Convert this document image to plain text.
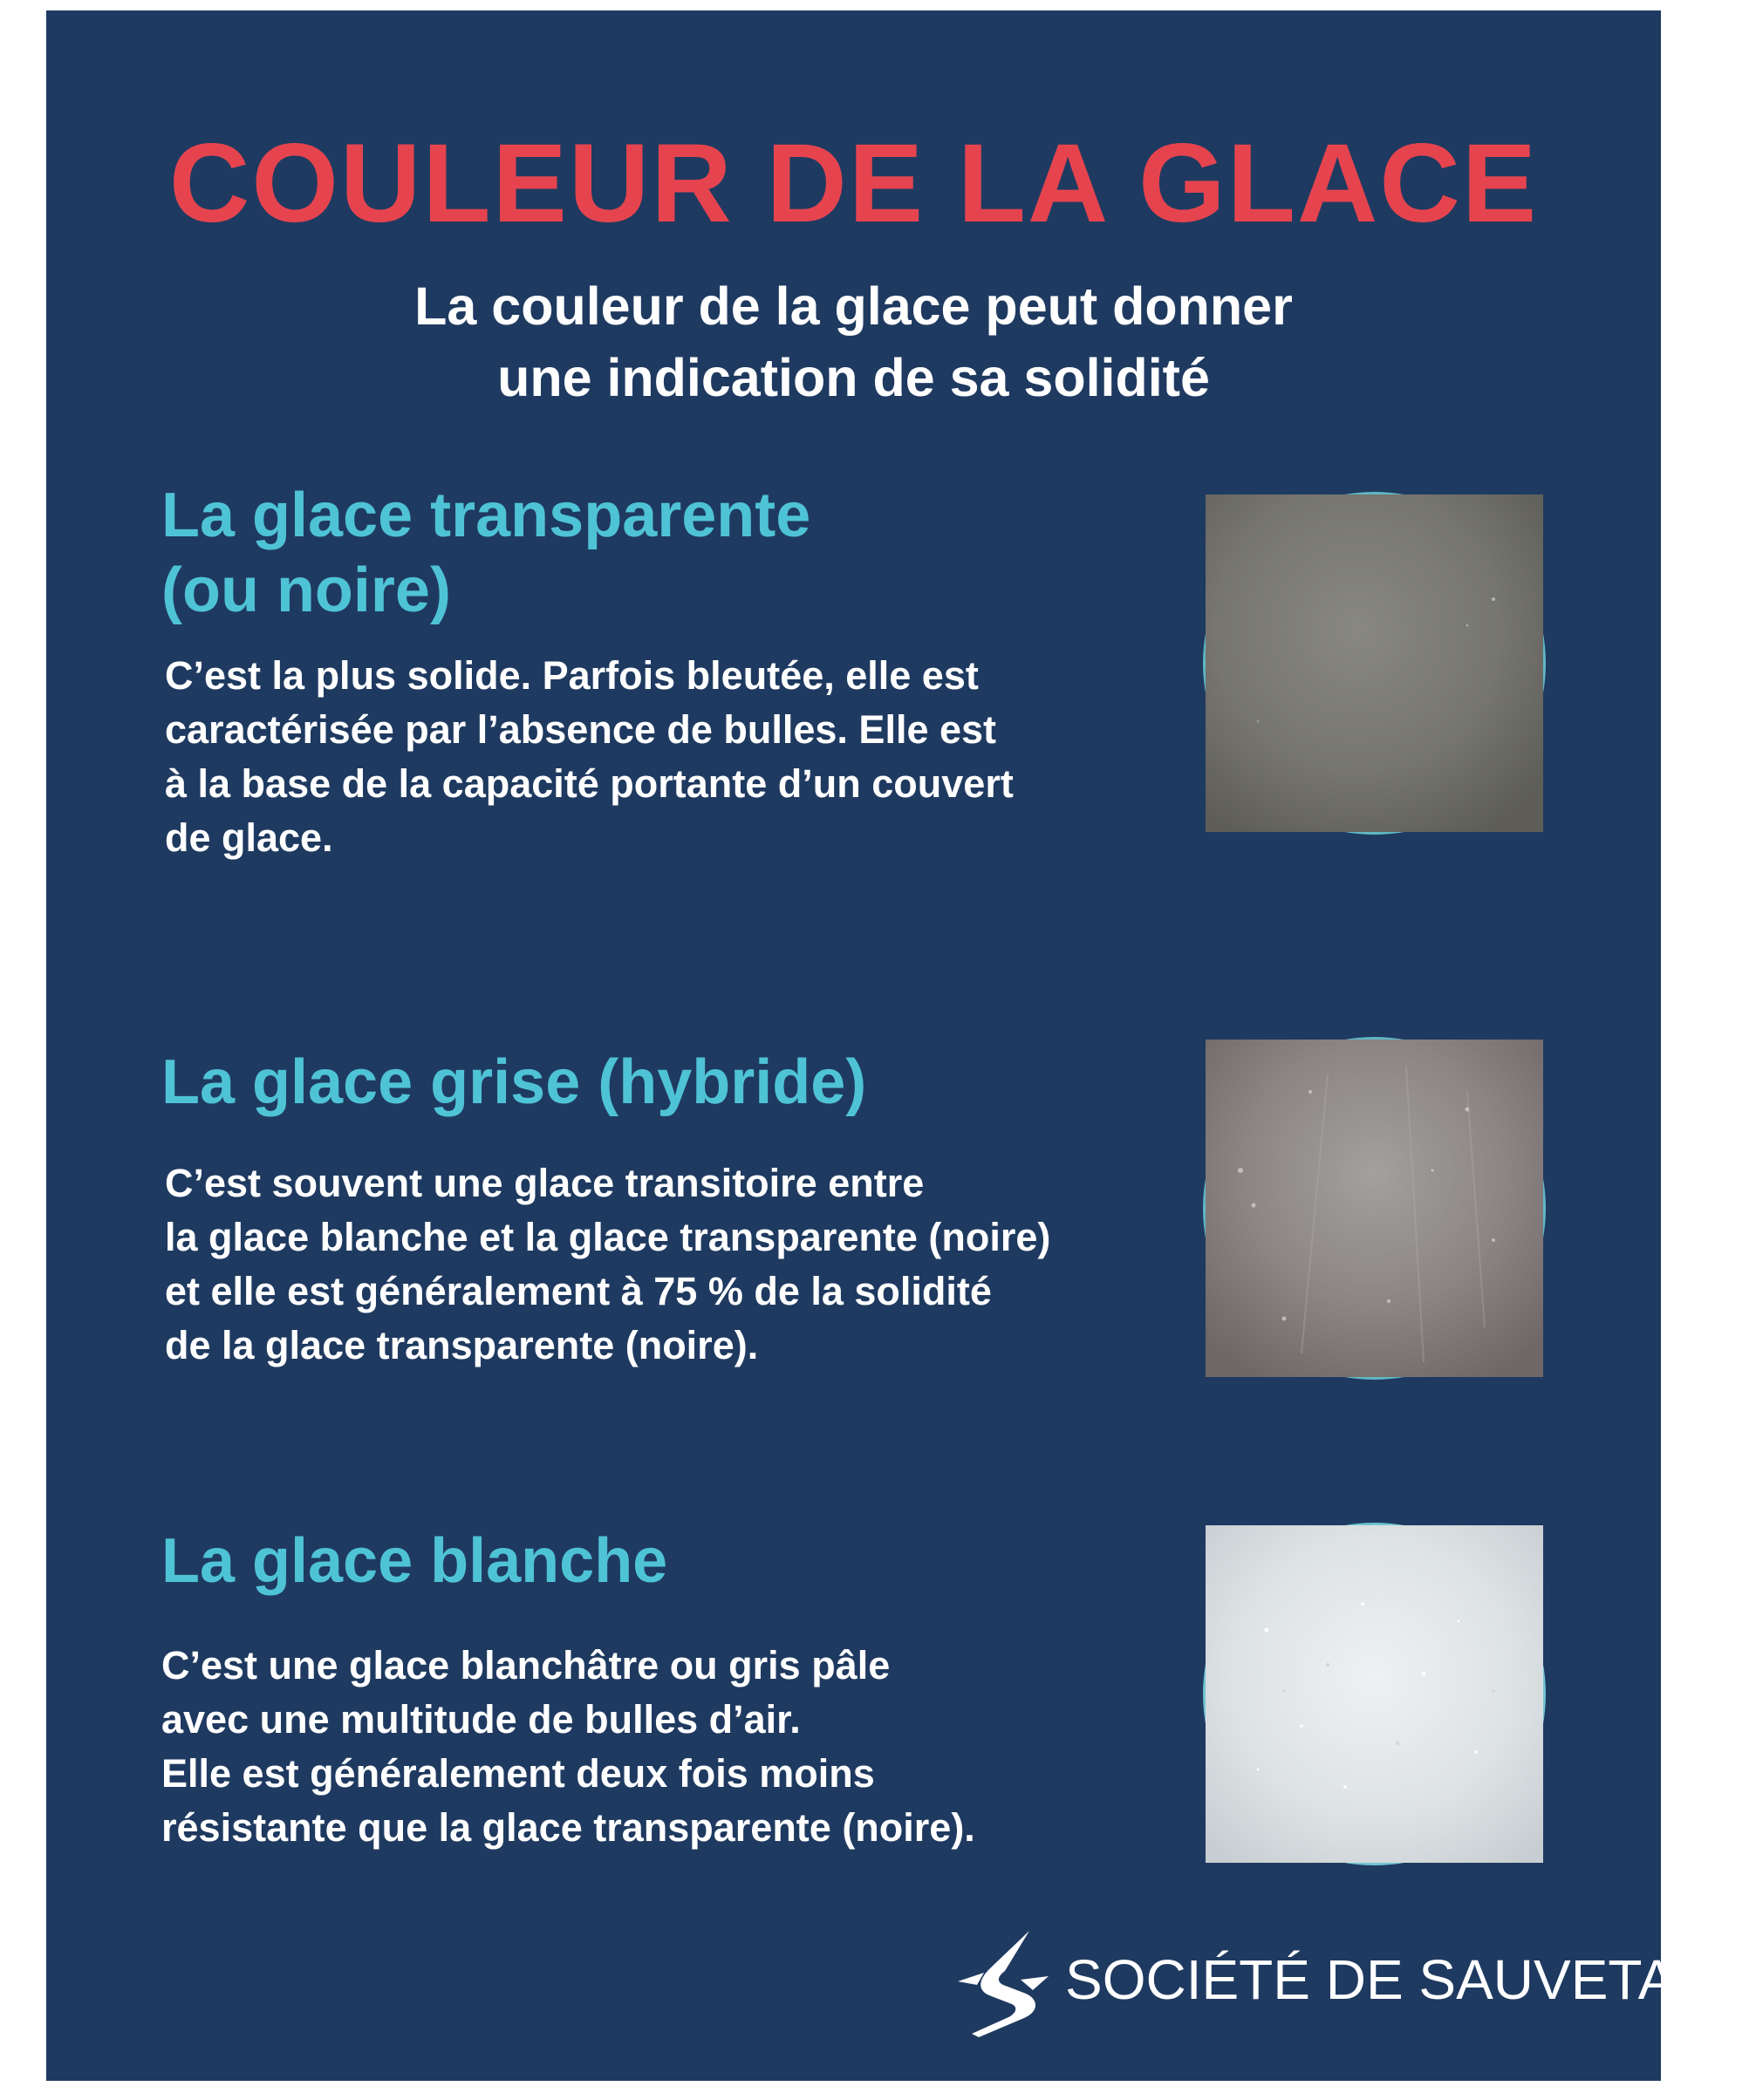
COULEUR DE LA GLACE
La couleur de la glace peut donner
une indication de sa solidité
La glace transparente
(ou noire)
C’est la plus solide. Parfois bleutée, elle est
caractérisée par l’absence de bulles. Elle est
à la base de la capacité portante d’un couvert
de glace.
La glace grise (hybride)
C’est souvent une glace transitoire entre
la glace blanche et la glace transparente (noire)
et elle est généralement à 75 % de la solidité
de la glace transparente (noire).
La glace blanche
C’est une glace blanchâtre ou gris pâle
avec une multitude de bulles d’air.
Elle est généralement deux fois moins
résistante que la glace transparente (noire).
SOCIÉTÉ DE SAUVETAGE
